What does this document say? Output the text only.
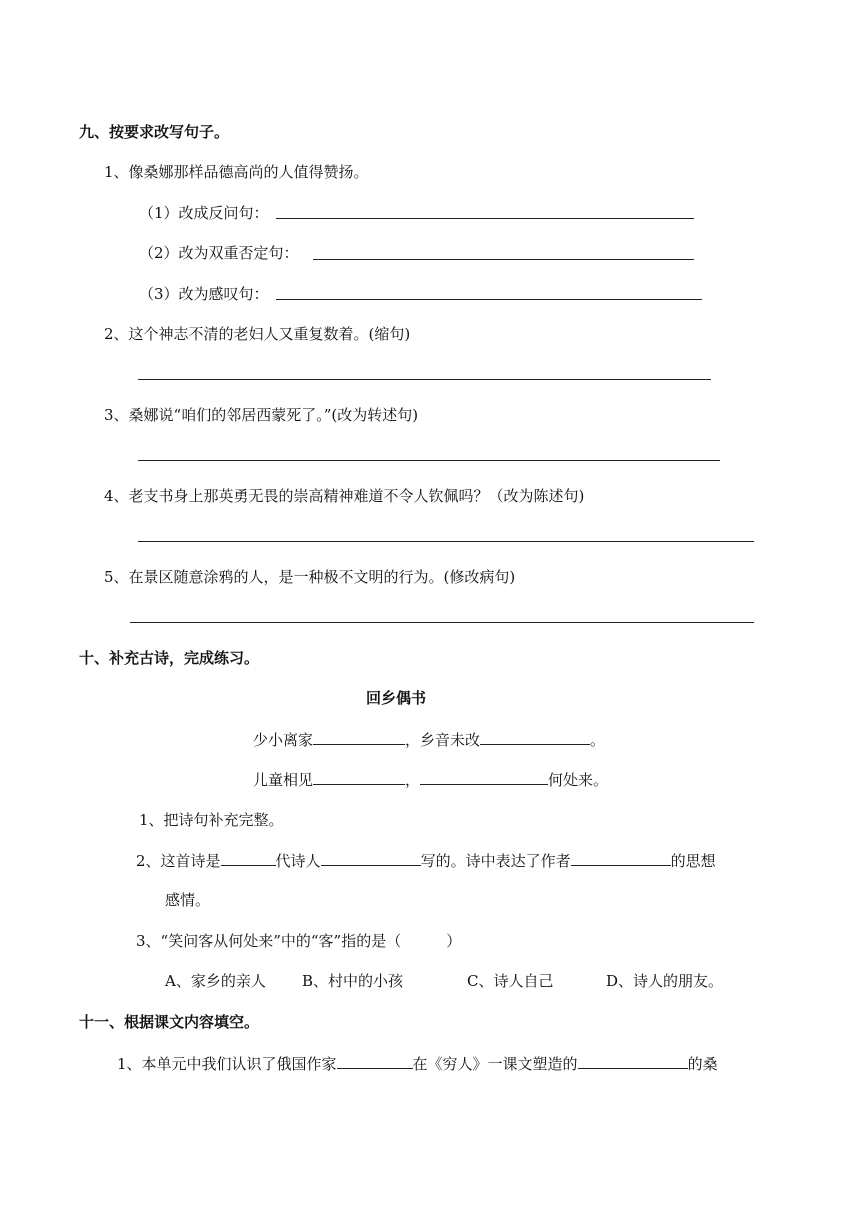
九、按要求改写句子。
1、像桑娜那样品德高尚的人值得赞扬。
（1）改成反问句：
（2）改为双重否定句：
（3）改为感叹句：
2、这个神志不清的老妇人又重复数着。(缩句)
3、桑娜说“咱们的邻居西蒙死了。”(改为转述句)
4、老支书身上那英勇无畏的崇高精神难道不令人钦佩吗？（改为陈述句)
5、在景区随意涂鸦的人，是一种极不文明的行为。(修改病句)
十、补充古诗，完成练习。
回乡偶书
少小离家	，乡音未改	。
儿童相见	，	何处来。
1、把诗句补充完整。
2、这首诗是	代诗人	写的。诗中表达了作者	的思想
感情。
3、“笑问客从何处来”中的“客”指的是（　　　）
A、家乡的亲人 B、村中的小孩	C、诗人自己	D、诗人的朋友。
十一、根据课文内容填空。
1、本单元中我们认识了俄国作家	在《穷人》一课文塑造的	的桑
